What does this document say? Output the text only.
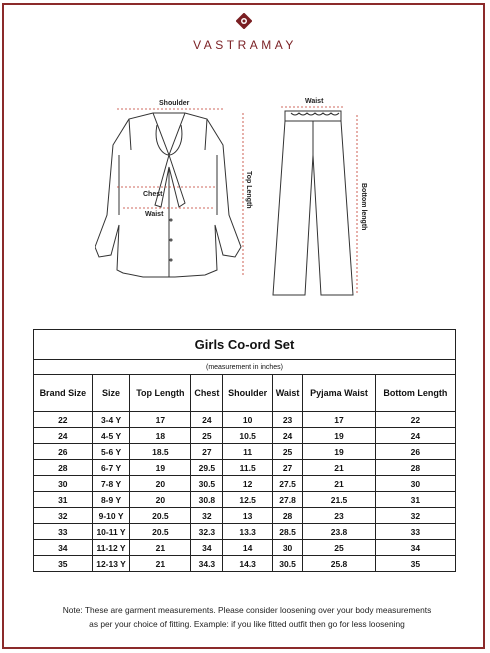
VASTRAMAY
Shoulder
Chest
Waist
Top Length
Waist
Bottom length
Girls Co-ord Set							
(measurement in inches)							
Brand Size	Size	Top Length	Chest	Shoulder	Waist	Pyjama Waist	Bottom Length
22	3-4 Y	17	24	10	23	17	22
24	4-5 Y	18	25	10.5	24	19	24
26	5-6 Y	18.5	27	11	25	19	26
28	6-7 Y	19	29.5	11.5	27	21	28
30	7-8 Y	20	30.5	12	27.5	21	30
31	8-9 Y	20	30.8	12.5	27.8	21.5	31
32	9-10 Y	20.5	32	13	28	23	32
33	10-11 Y	20.5	32.3	13.3	28.5	23.8	33
34	11-12 Y	21	34	14	30	25	34
35	12-13 Y	21	34.3	14.3	30.5	25.8	35
Note: These are garment measurements. Please consider loosening over your body measurements
as per your choice of fitting. Example: if you like fitted outfit then go for less loosening
